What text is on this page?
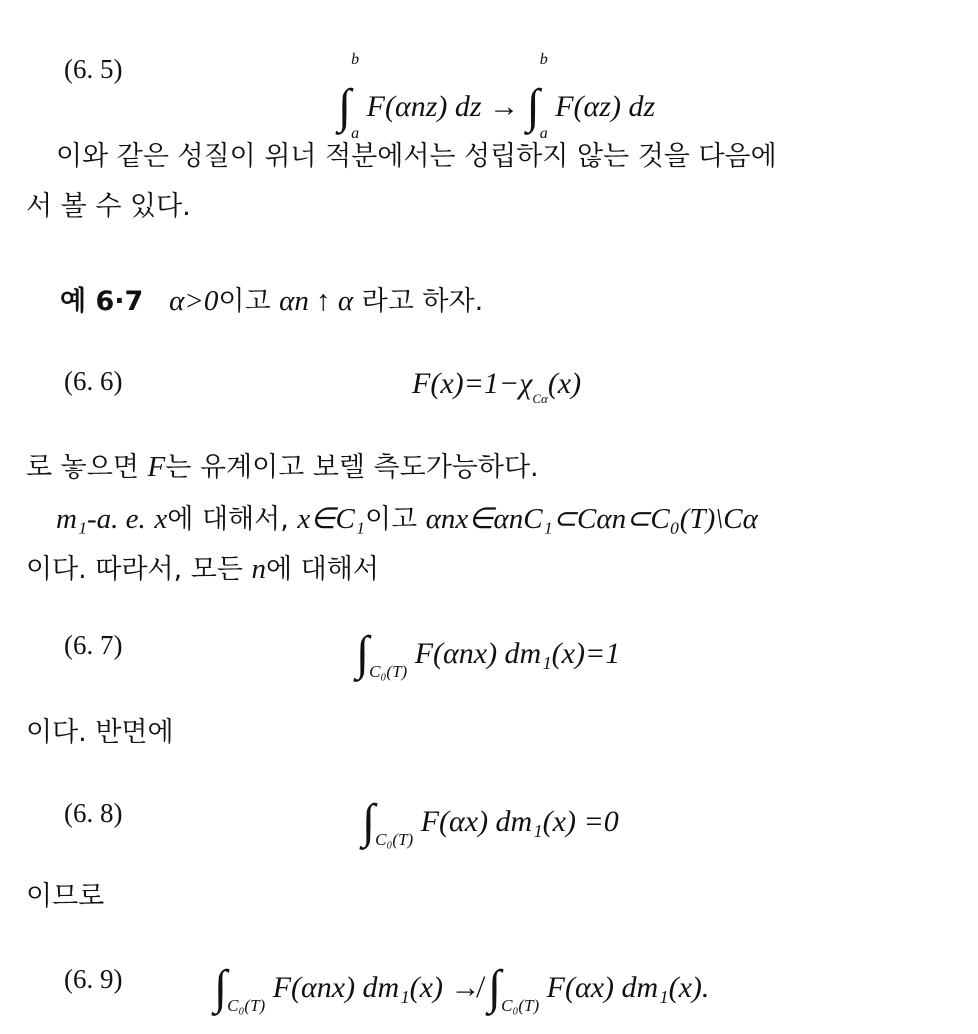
(6. 5)
∫
b
a
F(αnz) dz → ∫
b
a
F(αz) dz
이와 같은 성질이 위너 적분에서는 성립하지 않는 것을 다음에
서 볼 수 있다.
예 6·7 α>0이고 αn ↑ α 라고 하자.
(6. 6)	$F(x)=1-\chi_{C\alpha}(x)$
로 놓으면 F는 유계이고 보렐 측도가능하다.
m₁-a. e. x에 대해서, x∈C₁이고 αnx∈αnC₁⊂Cαn⊂C₀(T)\Cα
이다. 따라서, 모든 n에 대해서
(6. 7)	$\int_{C_0(T)}$ F(αnx) dm₁(x)=1
이다. 반면에
(6. 8)	$\int_{C_0(T)}$ F(αx) dm₁(x) =0
이므로
(6. 9) $\int_{C_0(T)}$ F(αnx) dm₁(x) ↛ $\int_{C_0(T)}$ F(αx) dm₁(x).
